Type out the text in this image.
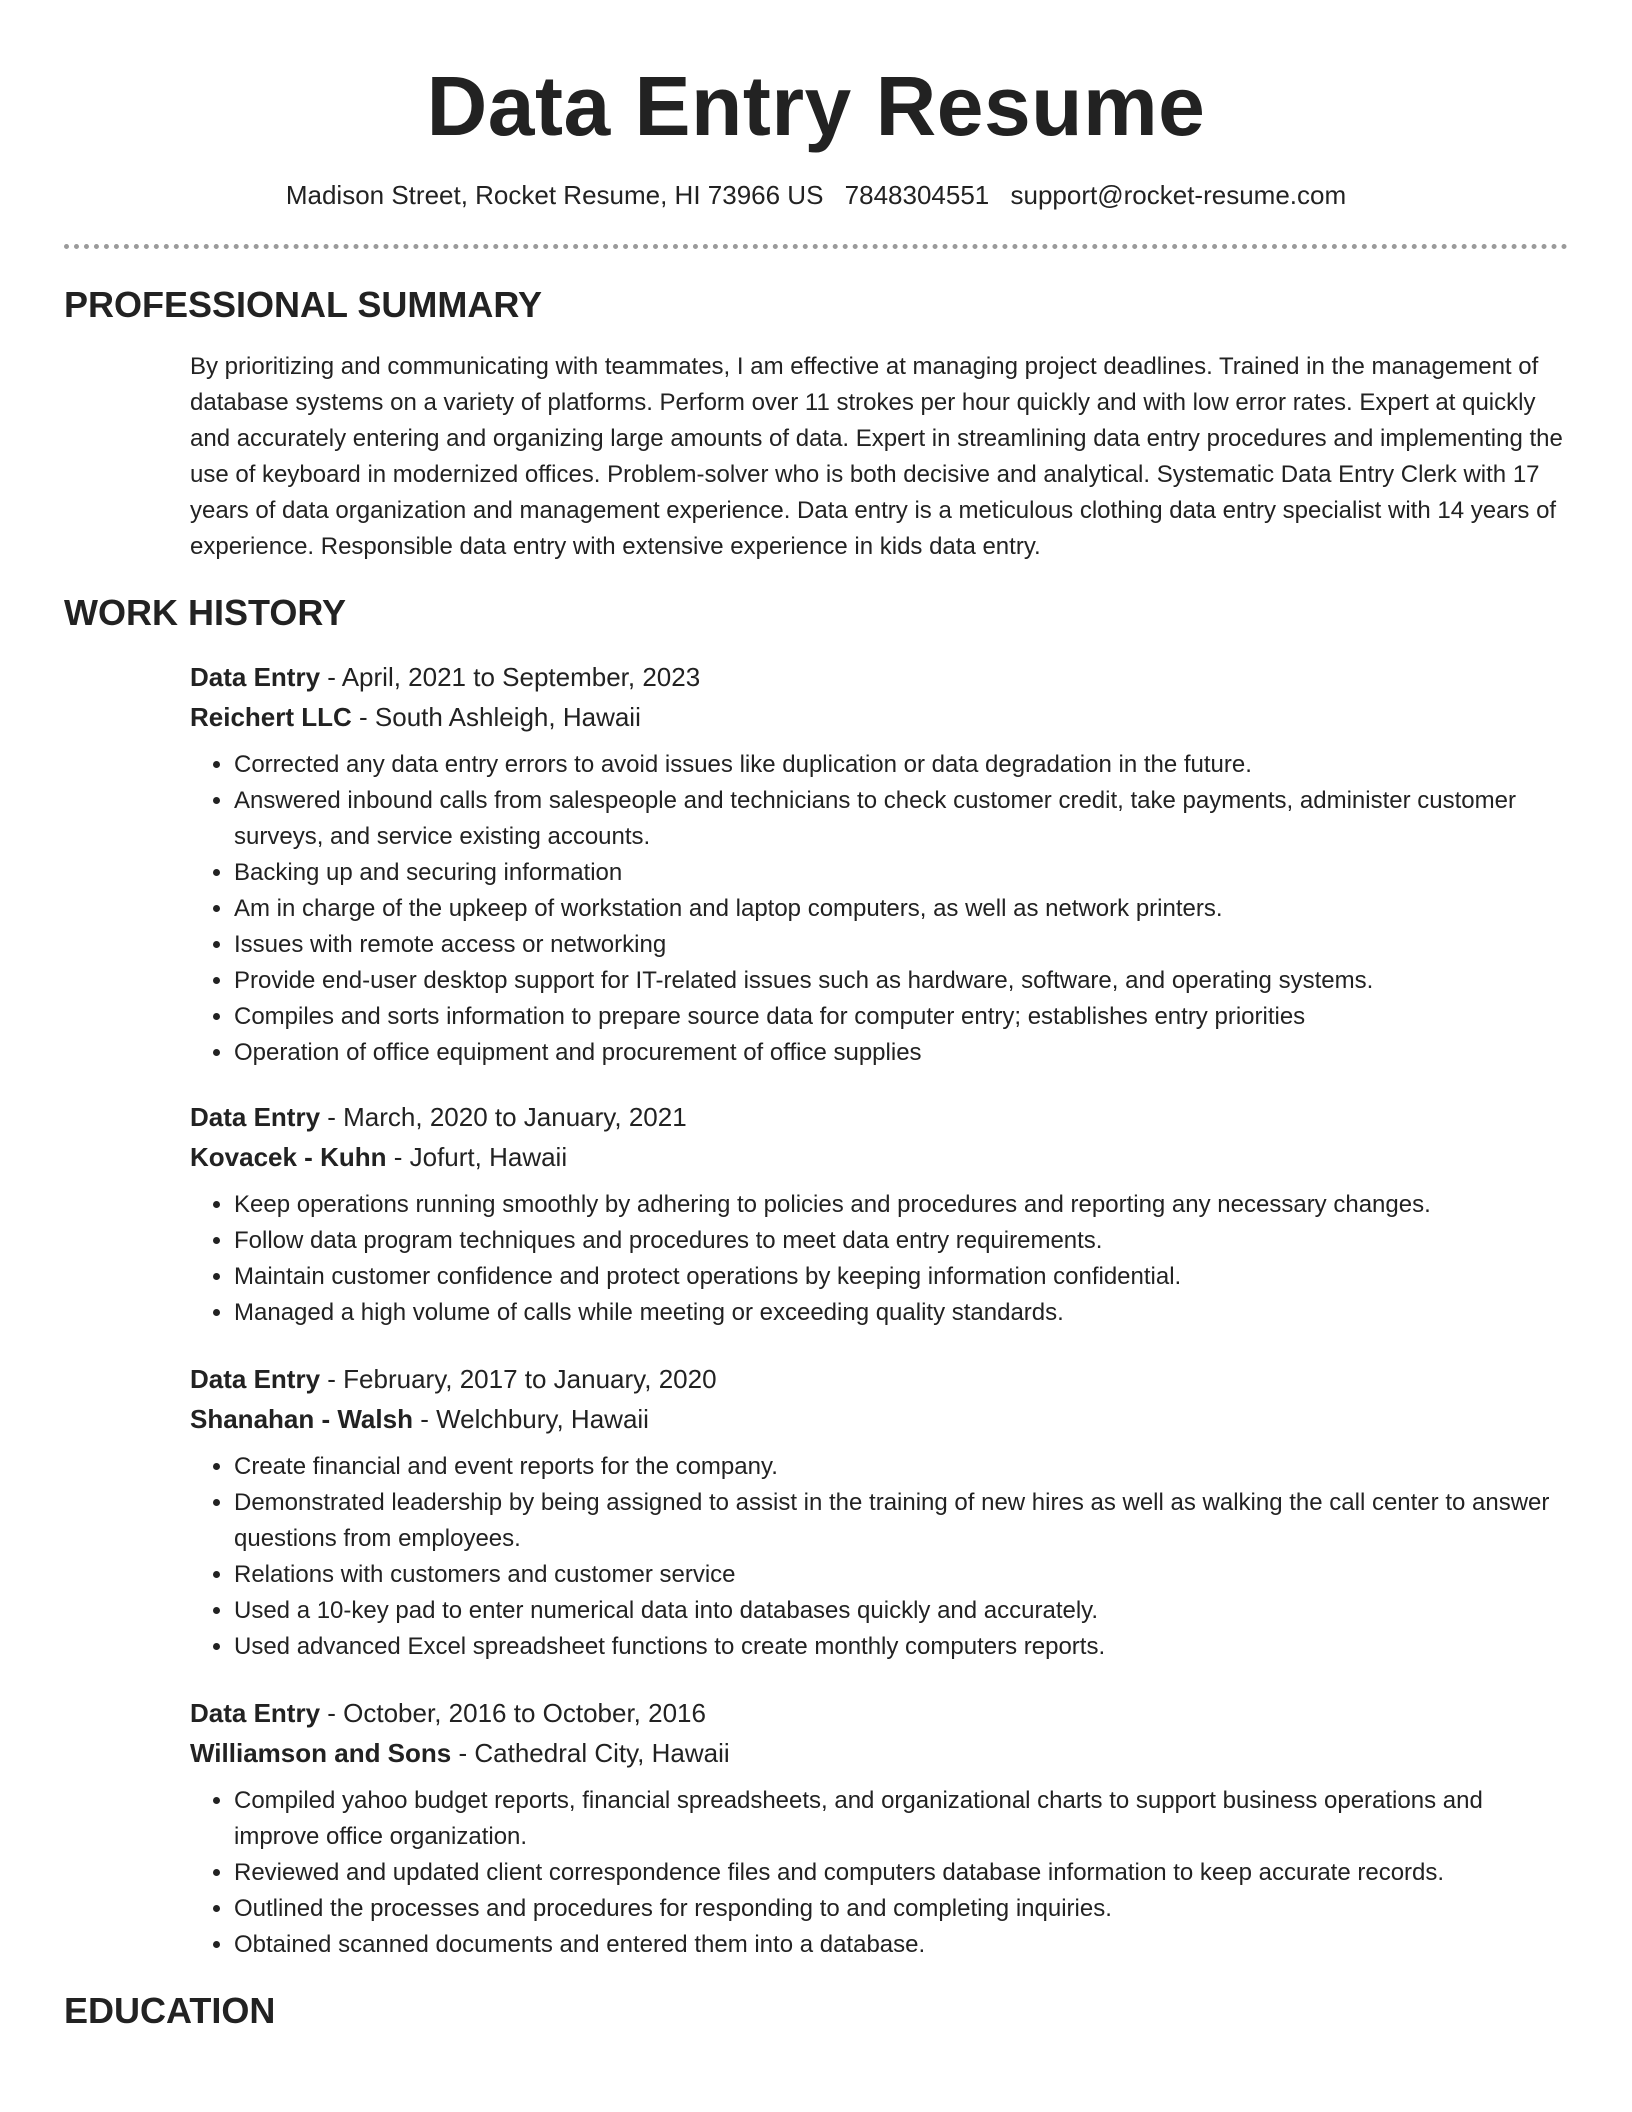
Data Entry Resume
Madison Street, Rocket Resume, HI 73966 US 7848304551 support@rocket-resume.com
PROFESSIONAL SUMMARY

By prioritizing and communicating with teammates, I am effective at managing project deadlines. Trained in the management of database systems on a variety of platforms. Perform over 11 strokes per hour quickly and with low error rates. Expert at quickly and accurately entering and organizing large amounts of data. Expert in streamlining data entry procedures and implementing the use of keyboard in modernized offices. Problem-solver who is both decisive and analytical. Systematic Data Entry Clerk with 17 years of data organization and management experience. Data entry is a meticulous clothing data entry specialist with 14 years of experience. Responsible data entry with extensive experience in kids data entry.

WORK HISTORY
Data Entry - April, 2021 to September, 2023
Reichert LLC - South Ashleigh, Hawaii
• Corrected any data entry errors to avoid issues like duplication or data degradation in the future.
• Answered inbound calls from salespeople and technicians to check customer credit, take payments, administer customer surveys, and service existing accounts.
• Backing up and securing information
• Am in charge of the upkeep of workstation and laptop computers, as well as network printers.
• Issues with remote access or networking
• Provide end-user desktop support for IT-related issues such as hardware, software, and operating systems.
• Compiles and sorts information to prepare source data for computer entry; establishes entry priorities
• Operation of office equipment and procurement of office supplies
Data Entry - March, 2020 to January, 2021
Kovacek - Kuhn - Jofurt, Hawaii
• Keep operations running smoothly by adhering to policies and procedures and reporting any necessary changes.
• Follow data program techniques and procedures to meet data entry requirements.
• Maintain customer confidence and protect operations by keeping information confidential.
• Managed a high volume of calls while meeting or exceeding quality standards.
Data Entry - February, 2017 to January, 2020
Shanahan - Walsh - Welchbury, Hawaii
• Create financial and event reports for the company.
• Demonstrated leadership by being assigned to assist in the training of new hires as well as walking the call center to answer questions from employees.
• Relations with customers and customer service
• Used a 10-key pad to enter numerical data into databases quickly and accurately.
• Used advanced Excel spreadsheet functions to create monthly computers reports.
Data Entry - October, 2016 to October, 2016
Williamson and Sons - Cathedral City, Hawaii
• Compiled yahoo budget reports, financial spreadsheets, and organizational charts to support business operations and improve office organization.
• Reviewed and updated client correspondence files and computers database information to keep accurate records.
• Outlined the processes and procedures for responding to and completing inquiries.
• Obtained scanned documents and entered them into a database.
EDUCATION
